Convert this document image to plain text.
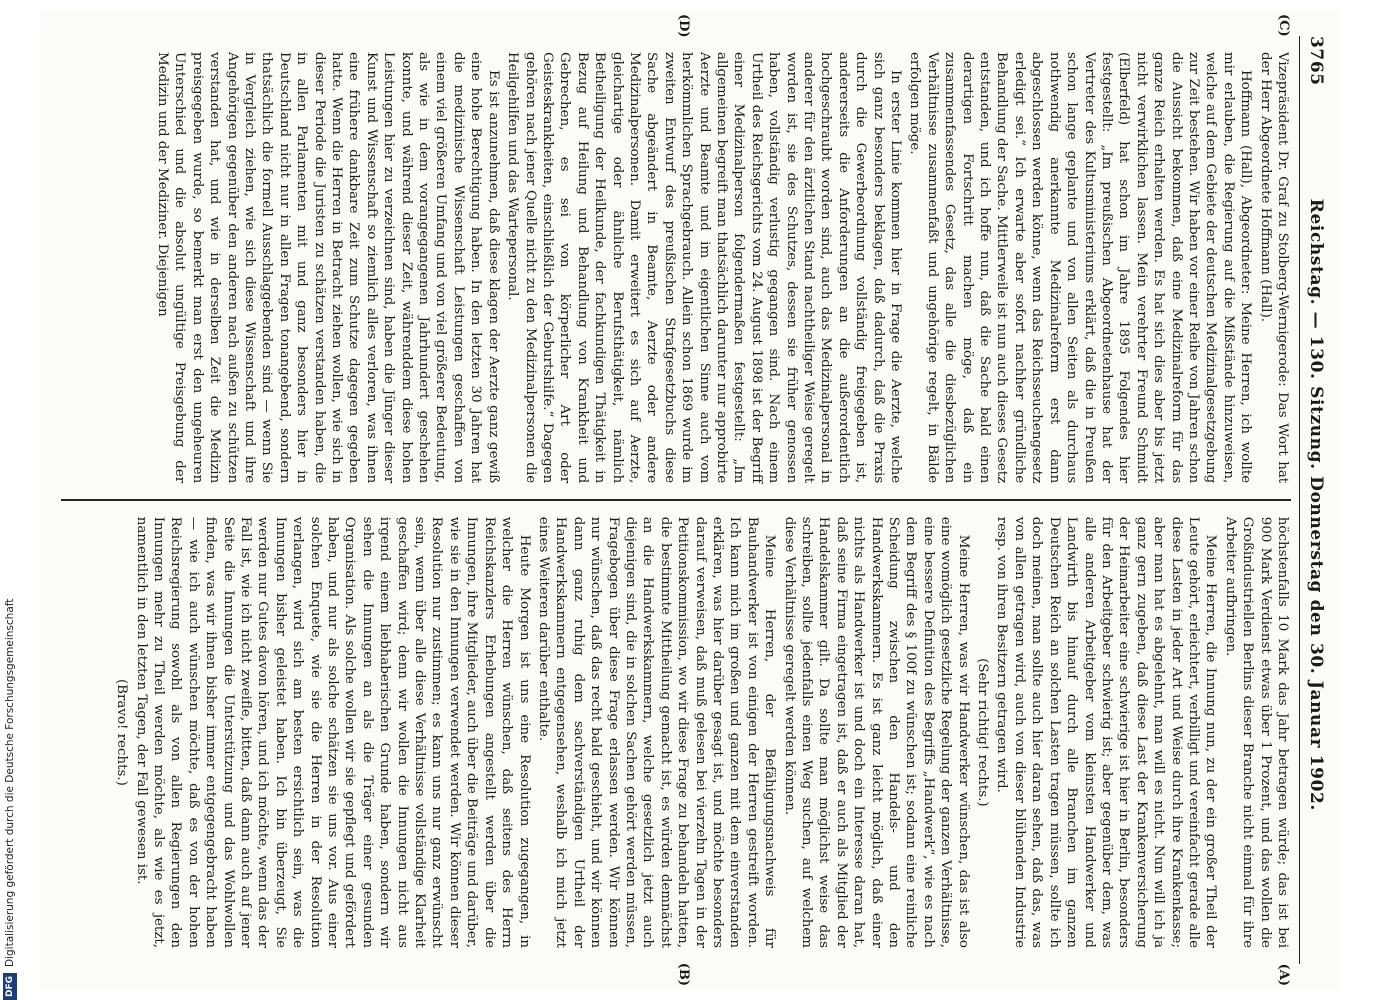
3765
Reichstag. — 130. Sitzung. Donnerstag den 30. Januar 1902.
(C)
(A)
(D)
(B)

Vizepräsident Dr. Graf zu Stolberg-Wernigerode: Das Wort hat der Herr Abgeordnete Hoffmann (Hall).

Hoffmann (Hall), Abgeordneter: Meine Herren, ich wollte mir erlauben, die Regierung auf die Mißstände hinzuweisen, welche auf dem Gebiete der deutschen Medizinalgesetzgebung zur Zeit bestehen. Wir haben vor einer Reihe von Jahren schon die Aussicht bekommen, daß eine Medizinalreform für das ganze Reich erhalten werden. Es hat sich dies aber bis jetzt nicht verwirklichen lassen. Mein verehrter Freund Schmidt (Elberfeld) hat schon im Jahre 1895 Folgendes hier festgestellt: „Im preußischen Abgeordnetenhause hat der Vertreter des Kultusministeriums erklärt, daß die in Preußen schon lange geplante und von allen Seiten als durchaus nothwendig anerkannte Medizinalreform erst dann abgeschlossen werden könne, wenn das Reichsseuchengesetz erledigt sei.“ Ich erwarte aber sofort nachher gründliche Behandlung der Sache. Mittlerweile ist nun auch dieses Gesetz entstanden, und ich hoffe nun, daß die Sache bald einen derartigen Fortschritt machen möge, daß ein zusammenfassendes Gesetz, das alle die diesbezüglichen Verhältnisse zusammenfaßt und ungehörige regelt, in Bälde erfolgen möge.

In erster Linie kommen hier in Frage die Aerzte, welche sich ganz besonders beklagen, daß dadurch, daß die Praxis durch die Gewerbeordnung vollständig freigegeben ist, andererseits die Anforderungen an die außerordentlich hochgeschraubt worden sind, auch das Medizinalpersonal in anderer für den ärztlichen Stand nachtheiliger Weise geregelt worden ist, sie des Schutzes, dessen sie früher genossen haben, vollständig verlustig gegangen sind. Nach einem Urtheil des Reichsgerichts vom 24. August 1898 ist der Begriff einer Medizinalperson folgendermaßen festgestellt: „Im allgemeinen begreift man thatsächlich darunter nur approbirte Aerzte und Beamte und im eigentlichen Sinne auch vom herkömmlichen Sprachgebrauch. Allein schon 1869 wurde im zweiten Entwurf des preußischen Strafgesetzbuchs diese Sache abgeändert in Beamte, Aerzte oder andere Medizinalpersonen. Damit erweitert es sich auf Aerzte, gleichartige oder ähnliche Berufsthätigkeit, nämlich Betheiligung der Heilkunde, der fachkundigen Thätigkeit in Bezug auf Heilung und Behandlung von Krankheit und Gebrechen, es sei von körperlicher Art oder Geisteskrankheiten, einschließlich der Geburtshilfe.“ Dagegen gehören nach jener Quelle nicht zu den Medizinalpersonen die Heilgehilfen und das Wartepersonal.

Es ist anzunehmen, daß diese klagen der Aerzte ganz gewiß eine hohe Berechtigung haben. In den letzten 30 Jahren hat die medizinische Wissenschaft Leistungen geschaffen von einem viel größeren Umfang und von viel größerer Bedeutung, als wie in dem vorangegangenen Jahrhundert geschehen konnte, und während dieser Zeit, währenddem diese hohen Leistungen hier zu verzeichnen sind, haben die Jünger dieser Kunst und Wissenschaft so ziemlich alles verloren, was ihnen eine frühere dankbare Zeit zum Schutze dagegen gegeben hatte. Wenn die Herren in Betracht ziehen wollen, wie sich in dieser Periode die Juristen zu schätzen verstanden haben, die in allen Parlamenten mit und ganz besonders hier in Deutschland nicht nur in allen Fragen tonangebend, sondern thatsächlich die formell Ausschlaggebenden sind — wenn Sie in Vergleich ziehen, wie sich diese Wissenschaft und ihre Angehörigen gegenüber den anderen nach außen zu schützen verstanden hat, und wie in derselben Zeit die Medizin preisgegeben wurde, so bemerkt man erst den ungeheuren Unterschied und die absolut ungültige Preisgebung der Medizin und der Mediziner. Diejenigen

höchstenfalls 10 Mark das Jahr betragen würde; das ist bei 900 Mark Verdienst etwas über 1 Prozent, und das wollen die Großindustriellen Berlins dieser Branche nicht einmal für ihre Arbeiter aufbringen.

Meine Herren, die Innung nun, zu der ein großer Theil der Leute gehört, erleichtert, verbilligt und vereinfacht gerade alle diese Lasten in jeder Art und Weise durch ihre Krankenkasse; aber man hat es abgelehnt, man will es nicht. Nun will ich ja ganz gern zugeben, daß diese Last der Krankenversicherung der Heimarbeiter eine schwierige ist hier in Berlin, besonders für den Arbeitgeber schwierig ist; aber gegenüber dem, was alle anderen Arbeitgeber vom kleinsten Handwerker und Landwirth bis hinauf durch alle Branchen im ganzen Deutschen Reich an solchen Lasten tragen müssen, sollte ich doch meinen, man sollte auch hier daran sehen, daß das, was von allen getragen wird, auch von dieser blühenden Industrie resp. von ihren Besitzern getragen wird.

(Sehr richtig! rechts.)

Meine Herren, was wir Handwerker wünschen, das ist also eine womöglich gesetzliche Regelung der ganzen Verhältnisse, eine bessere Definition des Begriffs „Handwerk“, wie es nach dem Begriff des § 100f zu wünschen ist; sodann eine reinliche Scheidung zwischen den Handels- und den Handwerkskammern. Es ist ganz leicht möglich, daß einer nichts als Handwerker ist und doch ein Interesse daran hat, daß seine Firma eingetragen ist, daß er auch als Mitglied der Handelskammer gilt. Da sollte man möglichst weise das schreiben, sollte jedenfalls einen Weg suchen, auf welchem diese Verhältnisse geregelt werden können.

Meine Herren, der Befähigungsnachweis für Bauhandwerker ist von einigen der Herren gestreift worden. Ich kann mich im großen und ganzen mit dem einverstanden erklären, was hier darüber gesagt ist, und möchte besonders darauf verweisen, daß muß gelesen bei vierzehn Tagen in der Petitionskommission, wo wir diese Frage zu behandeln hatten, die bestimmte Mittheilung gemacht ist, es würden demnächst an die Handwerkskammern, welche gesetzlich jetzt auch diejenigen sind, die in solchen Sachen gehört werden müssen, Fragebogen über diese Frage erlassen werden. Wir können nur wünschen, daß das recht bald geschieht, und wir können dann ganz ruhig dem sachverständigen Urtheil der Handwerkskammern entgegensehen, weshalb ich mich jetzt eines Weiteren darüber enthalte.

Heute Morgen ist uns eine Resolution zugegangen, in welcher die Herren wünschen, daß seitens des Herrn Reichskanzlers Erhebungen angestellt werden über die Innungen, ihre Mitglieder, auch über die Beiträge und darüber, wie sie in den Innungen verwendet werden. Wir können dieser Resolution nur zustimmen; es kann uns nur ganz erwünscht sein, wenn über alle diese Verhältnisse vollständige Klarheit geschaffen wird; denn wir wollen die Innungen nicht aus irgend einem liebhaberischen Grunde haben, sondern wir sehen die Innungen an als die Träger einer gesunden Organisation. Als solche wollen wir sie gepflegt und gefördert haben, und nur als solche schätzen sie uns vor. Aus einer solchen Enquete, wie sie die Herren in der Resolution verlangen, wird sich am besten ersichtlich sein, was die Innungen bisher geleistet haben. Ich bin überzeugt, Sie werden nur Gutes davon hören, und ich möchte, wenn das der Fall ist, wie ich nicht zweifle, bitten, daß dann auch auf jener Seite die Innungen die Unterstützung und das Wohlwollen finden, was wir ihnen bisher immer entgegengebracht haben — wie ich auch wünschen möchte, daß es von der hohen Reichsregierung sowohl als von allen Regierungen den Innungen mehr zu Theil werden möchte, als wie es jetzt, namentlich in den letzten Tagen, der Fall gewesen ist.

(Bravo! rechts.)

DFG
Digitalisierung gefördert durch die Deutsche Forschungsgemeinschaft
